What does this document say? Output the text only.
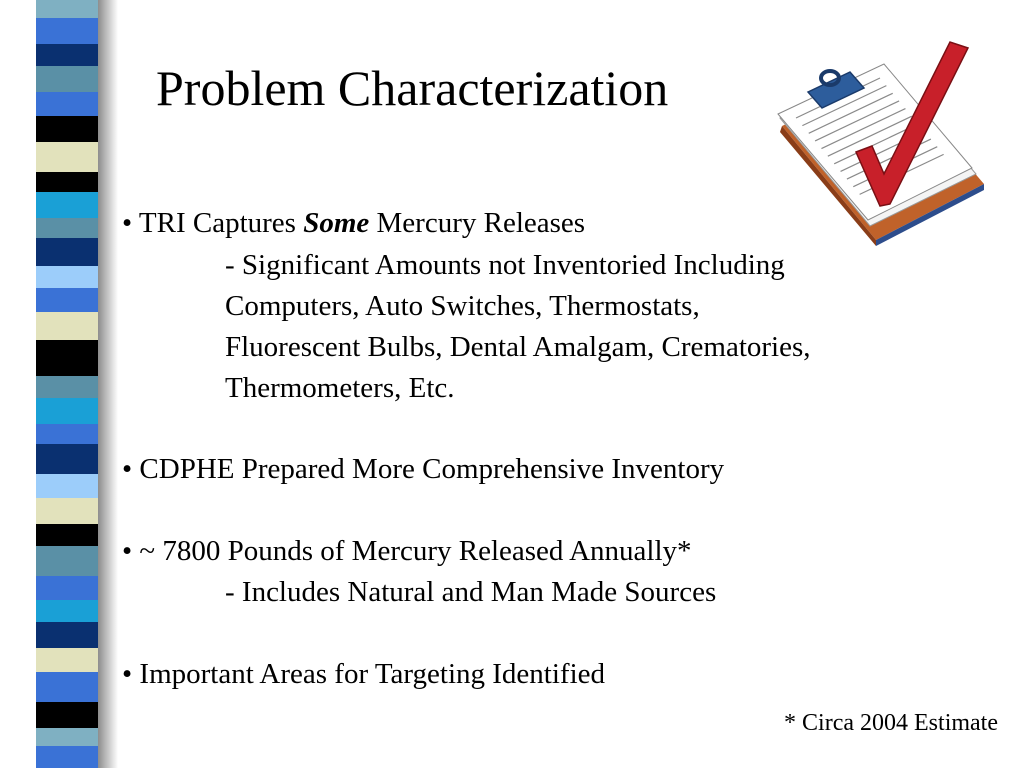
Problem Characterization
• TRI Captures Some Mercury Releases
- Significant Amounts not Inventoried Including
Computers, Auto Switches, Thermostats,
Fluorescent Bulbs, Dental Amalgam, Crematories,
Thermometers, Etc.
• CDPHE Prepared More Comprehensive Inventory
• ~ 7800 Pounds of Mercury Released Annually*
- Includes Natural and Man Made Sources
• Important Areas for Targeting Identified
* Circa 2004 Estimate
